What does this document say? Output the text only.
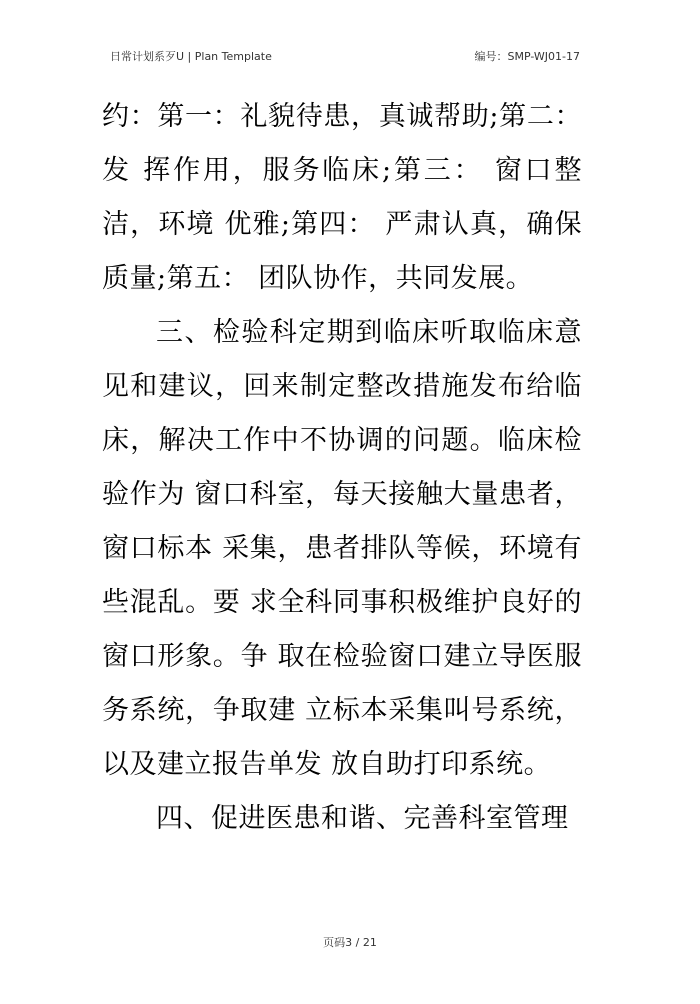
日常计划系歹U | Plan Template	编号：SMP-WJ01-17

约：第一：礼貌待患，真诚帮助;第二：发 挥作用，服务临床;第三： 窗口整洁，环境 优雅;第四： 严肃认真，确保质量;第五： 团队协作，共同发展。

三、检验科定期到临床听取临床意见和建议，回来制定整改措施发布给临床，解决工作中不协调的问题。临床检验作为 窗口科室，每天接触大量患者，窗口标本 采集，患者排队等候，环境有些混乱。要 求全科同事积极维护良好的窗口形象。争 取在检验窗口建立导医服务系统，争取建 立标本采集叫号系统，以及建立报告单发 放自助打印系统。

四、促进医患和谐、完善科室管理

页码3 / 21
